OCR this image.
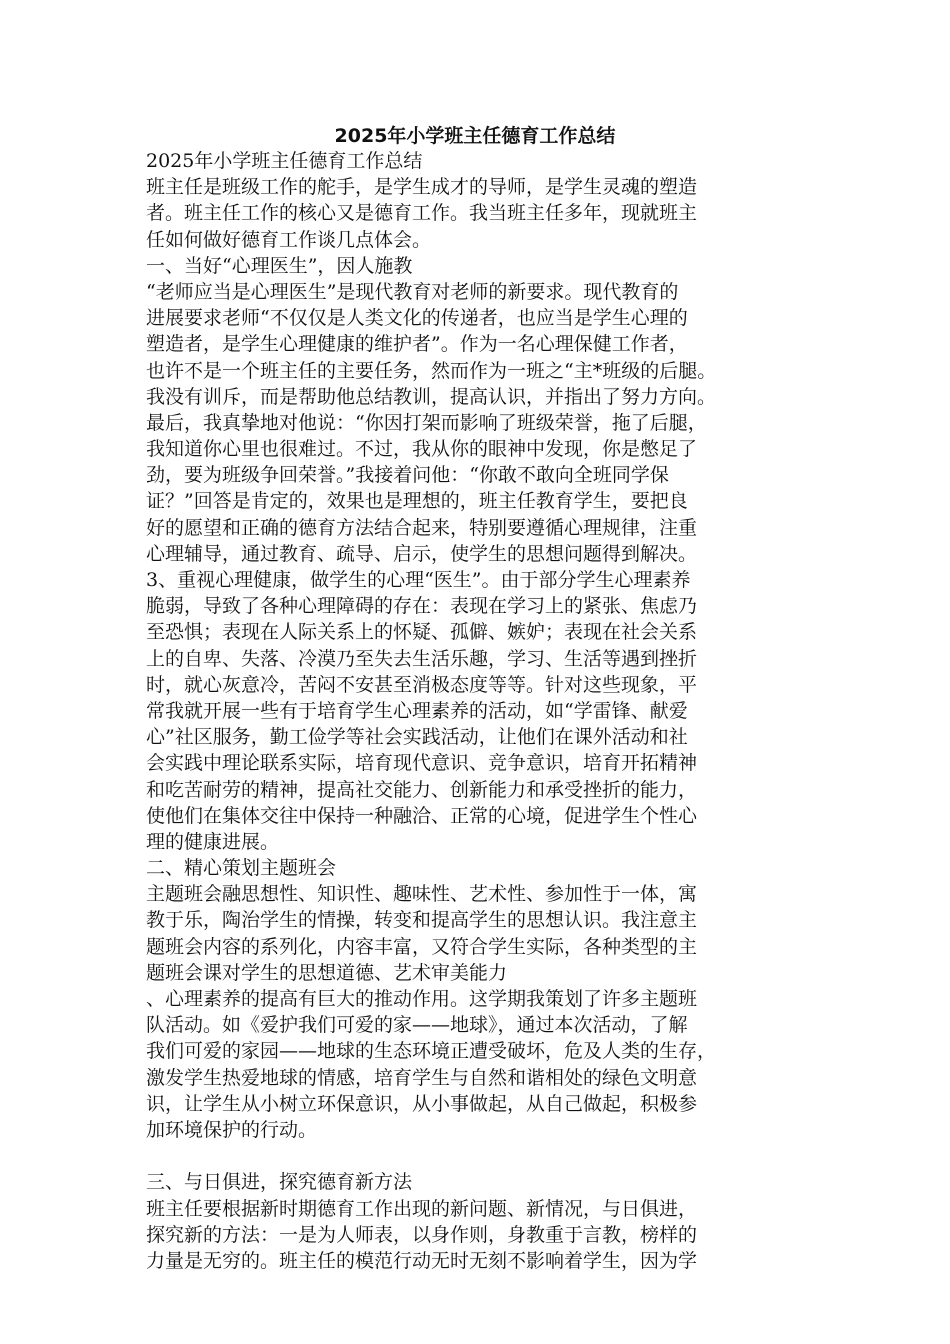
2025年小学班主任德育工作总结
2025年小学班主任德育工作总结
班主任是班级工作的舵手，是学生成才的导师，是学生灵魂的塑造
者。班主任工作的核心又是德育工作。我当班主任多年，现就班主
任如何做好德育工作谈几点体会。
一、当好“心理医生”，因人施教
“老师应当是心理医生”是现代教育对老师的新要求。现代教育的
进展要求老师“不仅仅是人类文化的传递者，也应当是学生心理的
塑造者，是学生心理健康的维护者”。作为一名心理保健工作者，
也许不是一个班主任的主要任务，然而作为一班之“主*班级的后腿。
我没有训斥，而是帮助他总结教训，提高认识，并指出了努力方向。
最后，我真挚地对他说：“你因打架而影响了班级荣誉，拖了后腿，
我知道你心里也很难过。不过，我从你的眼神中发现，你是憋足了
劲，要为班级争回荣誉。”我接着问他：“你敢不敢向全班同学保
证？”回答是肯定的，效果也是理想的，班主任教育学生，要把良
好的愿望和正确的德育方法结合起来，特别要遵循心理规律，注重
心理辅导，通过教育、疏导、启示，使学生的思想问题得到解决。
3、重视心理健康，做学生的心理“医生”。由于部分学生心理素养
脆弱，导致了各种心理障碍的存在：表现在学习上的紧张、焦虑乃
至恐惧；表现在人际关系上的怀疑、孤僻、嫉妒；表现在社会关系
上的自卑、失落、冷漠乃至失去生活乐趣，学习、生活等遇到挫折
时，就心灰意冷，苦闷不安甚至消极态度等等。针对这些现象，平
常我就开展一些有于培育学生心理素养的活动，如“学雷锋、献爱
心”社区服务，勤工俭学等社会实践活动，让他们在课外活动和社
会实践中理论联系实际，培育现代意识、竞争意识，培育开拓精神
和吃苦耐劳的精神，提高社交能力、创新能力和承受挫折的能力，
使他们在集体交往中保持一种融洽、正常的心境，促进学生个性心
理的健康进展。
二、精心策划主题班会
主题班会融思想性、知识性、趣味性、艺术性、参加性于一体，寓
教于乐，陶治学生的情操，转变和提高学生的思想认识。我注意主
题班会内容的系列化，内容丰富，又符合学生实际，各种类型的主
题班会课对学生的思想道德、艺术审美能力
、心理素养的提高有巨大的推动作用。这学期我策划了许多主题班
队活动。如《爱护我们可爱的家——地球》，通过本次活动，了解
我们可爱的家园——地球的生态环境正遭受破坏，危及人类的生存，
激发学生热爱地球的情感，培育学生与自然和谐相处的绿色文明意
识，让学生从小树立环保意识，从小事做起，从自己做起，积极参
加环境保护的行动。
三、与日俱进，探究德育新方法
班主任要根据新时期德育工作出现的新问题、新情况，与日俱进，
探究新的方法：一是为人师表，以身作则，身教重于言教，榜样的
力量是无穷的。班主任的模范行动无时无刻不影响着学生，因为学
